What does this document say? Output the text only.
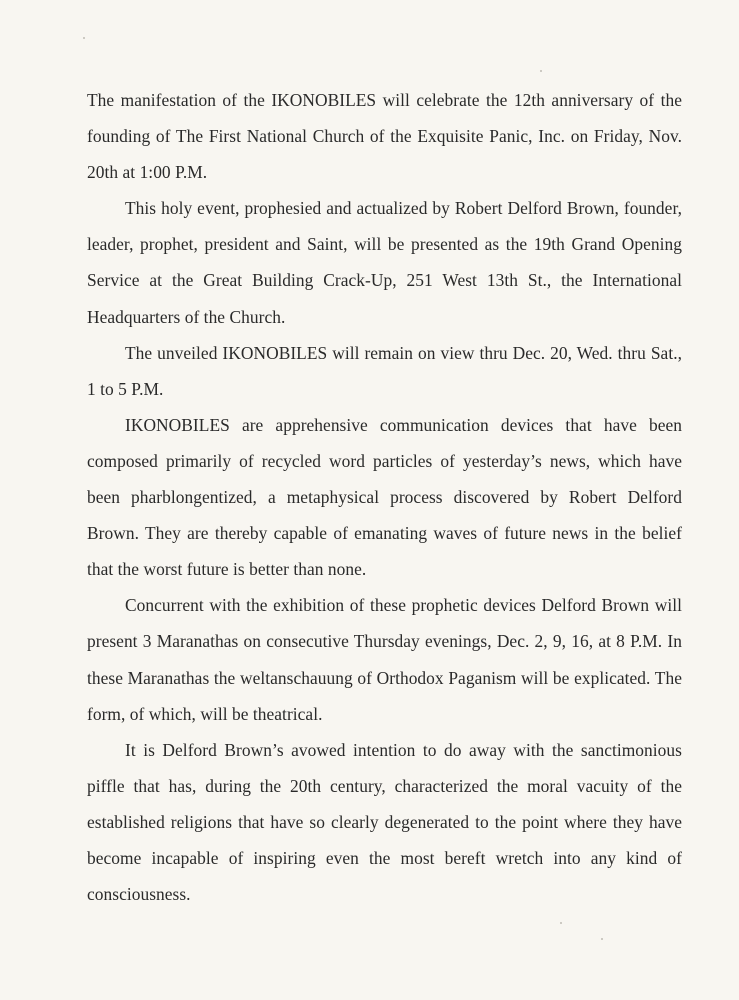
The manifestation of the IKONOBILES will celebrate the 12th anniversary of the founding of The First National Church of the Exquisite Panic, Inc. on Friday, Nov. 20th at 1:00 P.M.

This holy event, prophesied and actualized by Robert Delford Brown, founder, leader, prophet, president and Saint, will be presented as the 19th Grand Opening Service at the Great Building Crack-Up, 251 West 13th St., the International Headquarters of the Church.

The unveiled IKONOBILES will remain on view thru Dec. 20, Wed. thru Sat., 1 to 5 P.M.

IKONOBILES are apprehensive communication devices that have been composed primarily of recycled word particles of yesterday’s news, which have been pharblongentized, a metaphysical process discovered by Robert Delford Brown. They are thereby capable of emanating waves of future news in the belief that the worst future is better than none.

Concurrent with the exhibition of these prophetic devices Delford Brown will present 3 Maranathas on consecutive Thursday evenings, Dec. 2, 9, 16, at 8 P.M. In these Maranathas the weltanschauung of Orthodox Paganism will be explicated. The form, of which, will be theatrical.

It is Delford Brown’s avowed intention to do away with the sanctimonious piffle that has, during the 20th century, characterized the moral vacuity of the established religions that have so clearly degenerated to the point where they have become incapable of inspiring even the most bereft wretch into any kind of consciousness.
